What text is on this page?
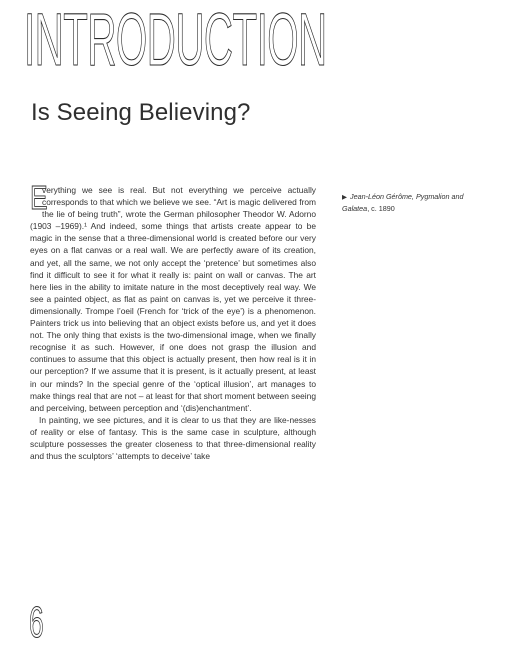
INTRODUCTION
Is Seeing Believing?

E
verything we see is real. But not everything we perceive actually corresponds to that which we believe we see. “Art is magic delivered from the lie of being truth”, wrote the German philosopher Theodor W. Adorno (1903 –1969).¹ And indeed, some things that artists create appear to be magic in the sense that a three-dimensional world is created before our very eyes on a flat canvas or a real wall. We are perfectly aware of its creation, and yet, all the same, we not only accept the ‘pretence’ but sometimes also find it difficult to see it for what it really is: paint on wall or canvas. The art here lies in the ability to imitate nature in the most deceptively real way. We see a painted object, as flat as paint on canvas is, yet we perceive it three-dimensionally. Trompe l’oeil (French for ‘trick of the eye’) is a phenomenon. Painters trick us into believing that an object exists before us, and yet it does not. The only thing that exists is the two-dimensional image, when we finally recognise it as such. However, if one does not grasp the illusion and continues to assume that this object is actually present, then how real is it in our perception? If we assume that it is present, is it actually present, at least in our minds? In the special genre of the ‘optical illusion’, art manages to make things real that are not – at least for that short moment between seeing and perceiving, between perception and ‘(dis)enchantment’.

In painting, we see pictures, and it is clear to us that they are like-nesses of reality or else of fantasy. This is the same case in sculpture, although sculpture possesses the greater closeness to that three-dimensional reality and thus the sculptors’ ‘attempts to deceive’ take

▶ Jean-Léon Gérôme, Pygmalion and Galatea, c. 1890
6
